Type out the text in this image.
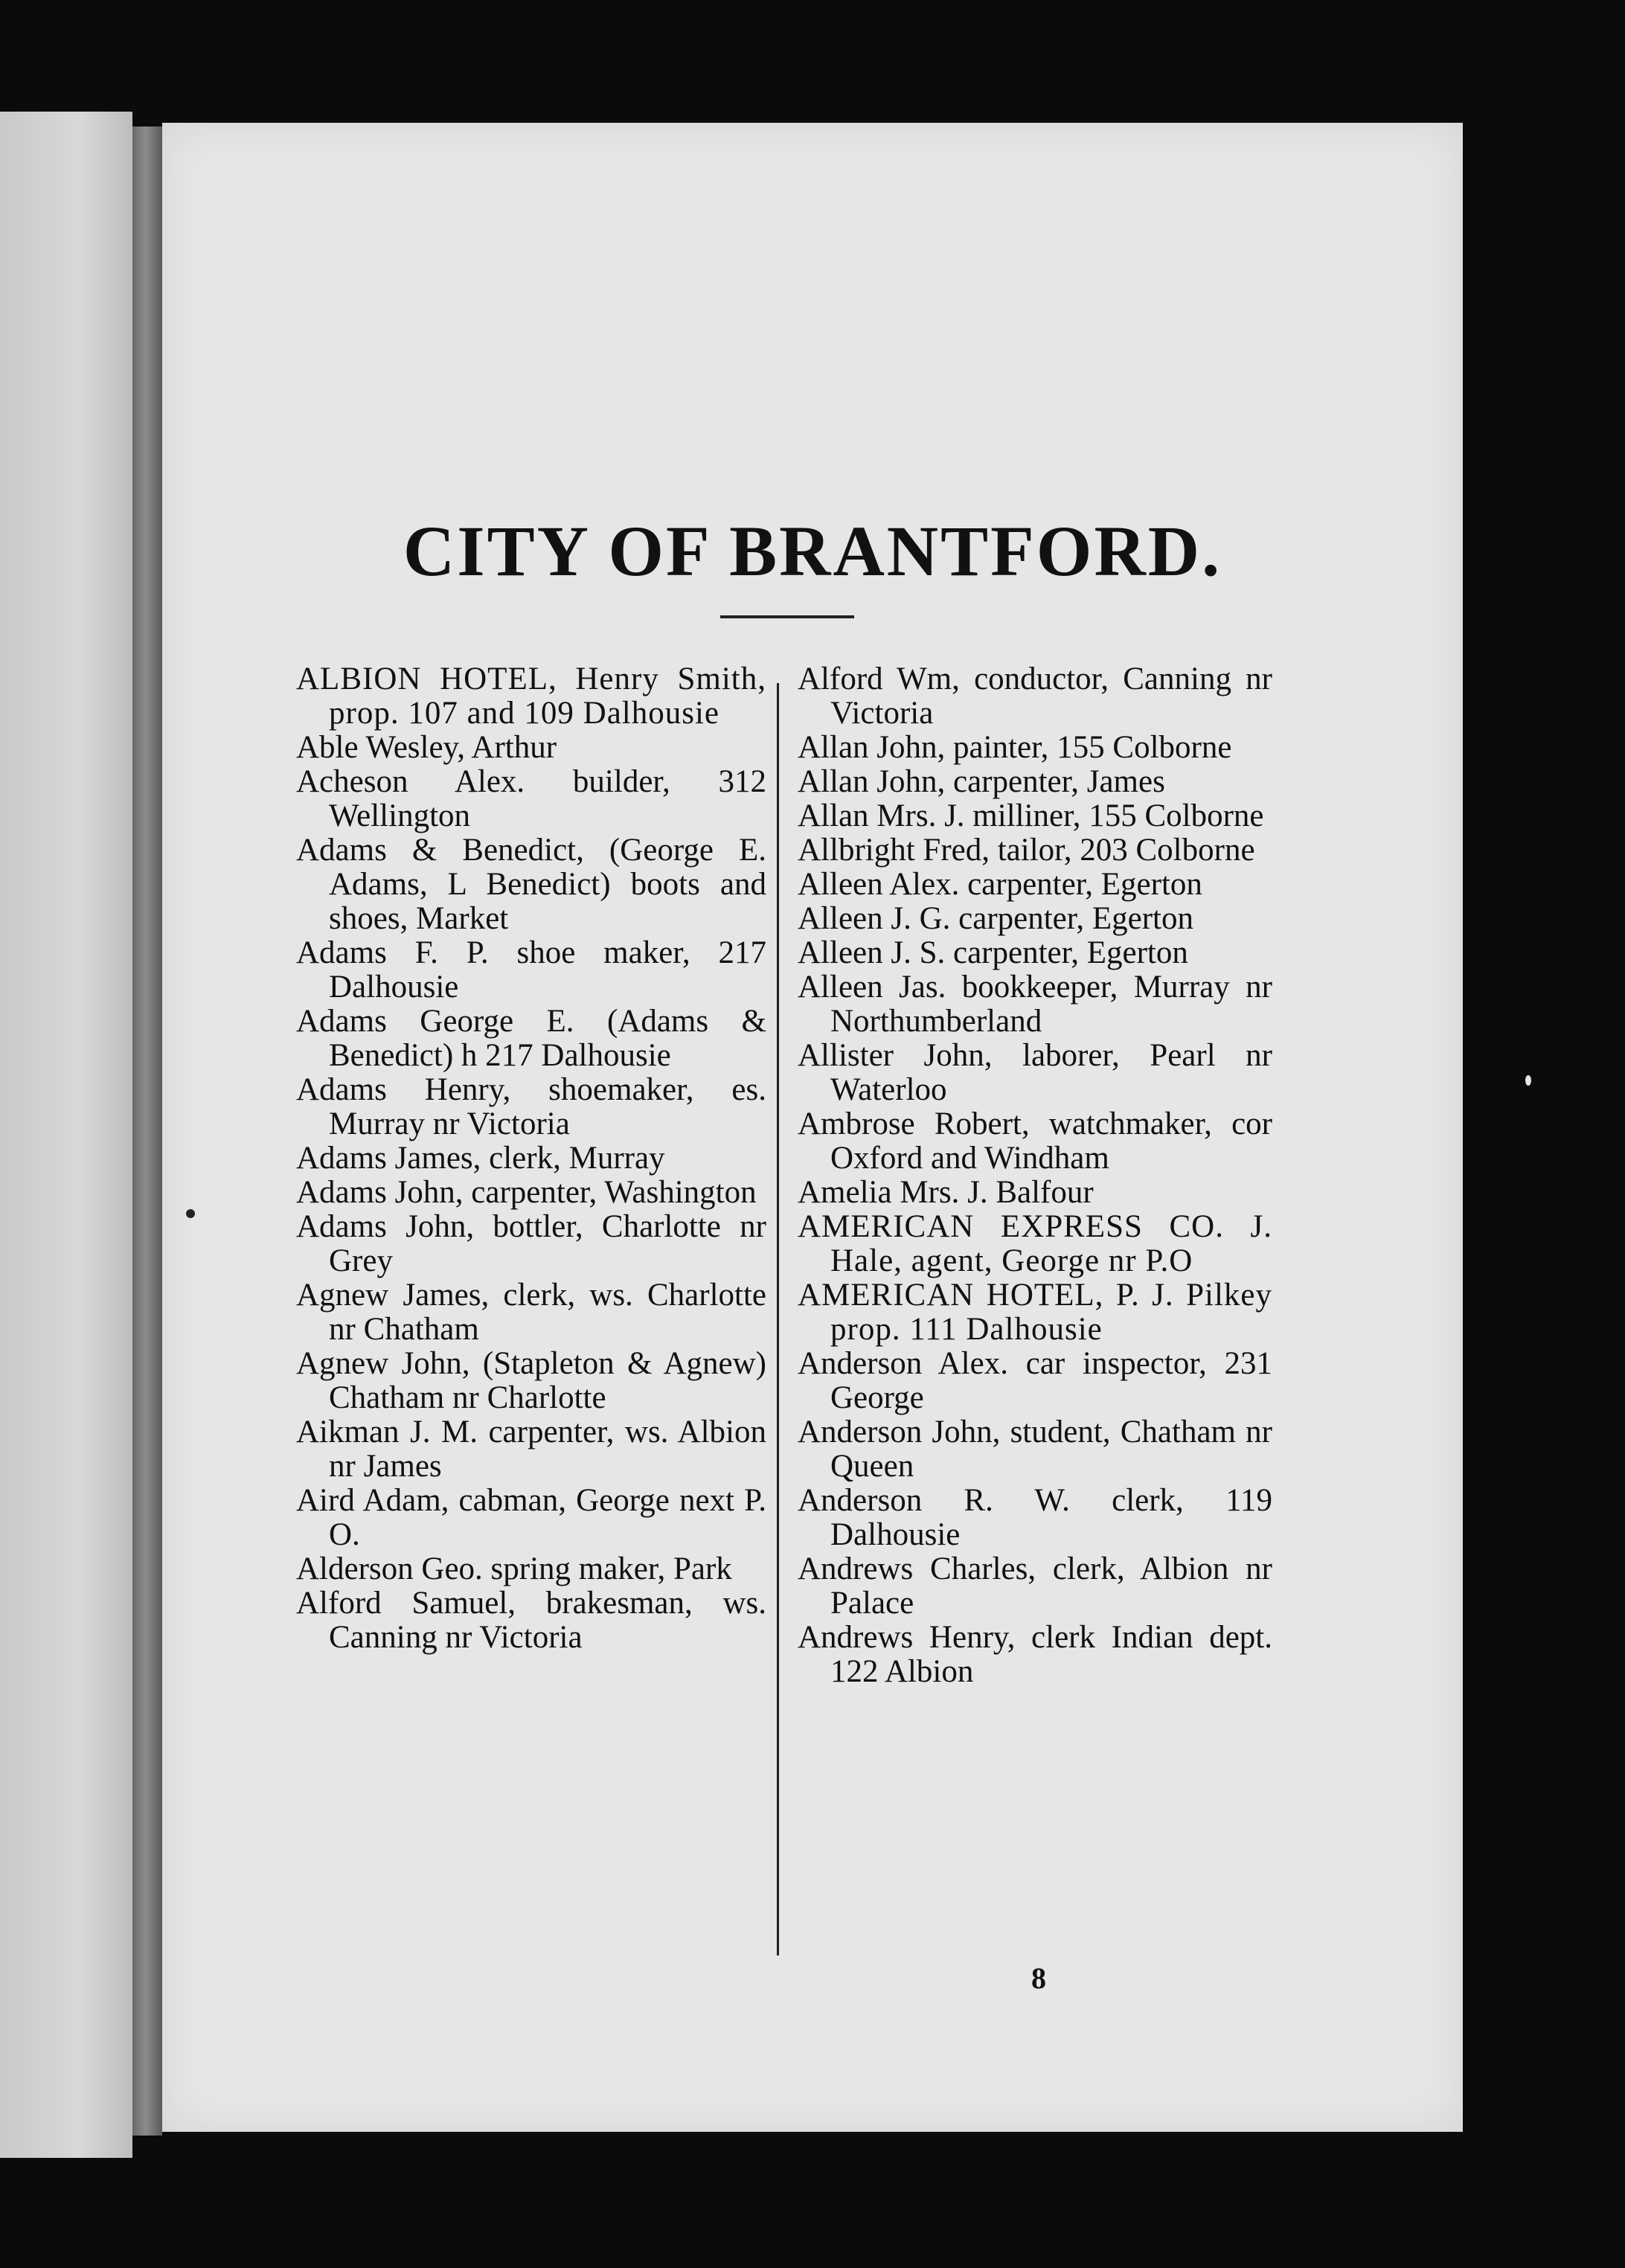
CITY OF BRANTFORD.

ALBION HOTEL, Henry Smith, prop. 107 and 109 Dalhousie

Able Wesley, Arthur

Acheson Alex. builder, 312 Wellington

Adams & Benedict, (George E. Adams, L Benedict) boots and shoes, Market

Adams F. P. shoe maker, 217 Dalhousie

Adams George E. (Adams & Benedict) h 217 Dalhousie

Adams Henry, shoemaker, es. Murray nr Victoria

Adams James, clerk, Murray

Adams John, carpenter, Washington

Adams John, bottler, Charlotte nr Grey

Agnew James, clerk, ws. Charlotte nr Chatham

Agnew John, (Stapleton & Agnew) Chatham nr Charlotte

Aikman J. M. carpenter, ws. Albion nr James

Aird Adam, cabman, George next P. O.

Alderson Geo. spring maker, Park

Alford Samuel, brakesman, ws. Canning nr Victoria

Alford Wm, conductor, Canning nr Victoria

Allan John, painter, 155 Colborne

Allan John, carpenter, James

Allan Mrs. J. milliner, 155 Colborne

Allbright Fred, tailor, 203 Colborne

Alleen Alex. carpenter, Egerton

Alleen J. G. carpenter, Egerton

Alleen J. S. carpenter, Egerton

Alleen Jas. bookkeeper, Murray nr Northumberland

Allister John, laborer, Pearl nr Waterloo

Ambrose Robert, watchmaker, cor Oxford and Windham

Amelia Mrs. J. Balfour

AMERICAN EXPRESS CO. J. Hale, agent, George nr P.O

AMERICAN HOTEL, P. J. Pilkey prop. 111 Dalhousie

Anderson Alex. car inspector, 231 George

Anderson John, student, Chatham nr Queen

Anderson R. W. clerk, 119 Dalhousie

Andrews Charles, clerk, Albion nr Palace

Andrews Henry, clerk Indian dept. 122 Albion

8
